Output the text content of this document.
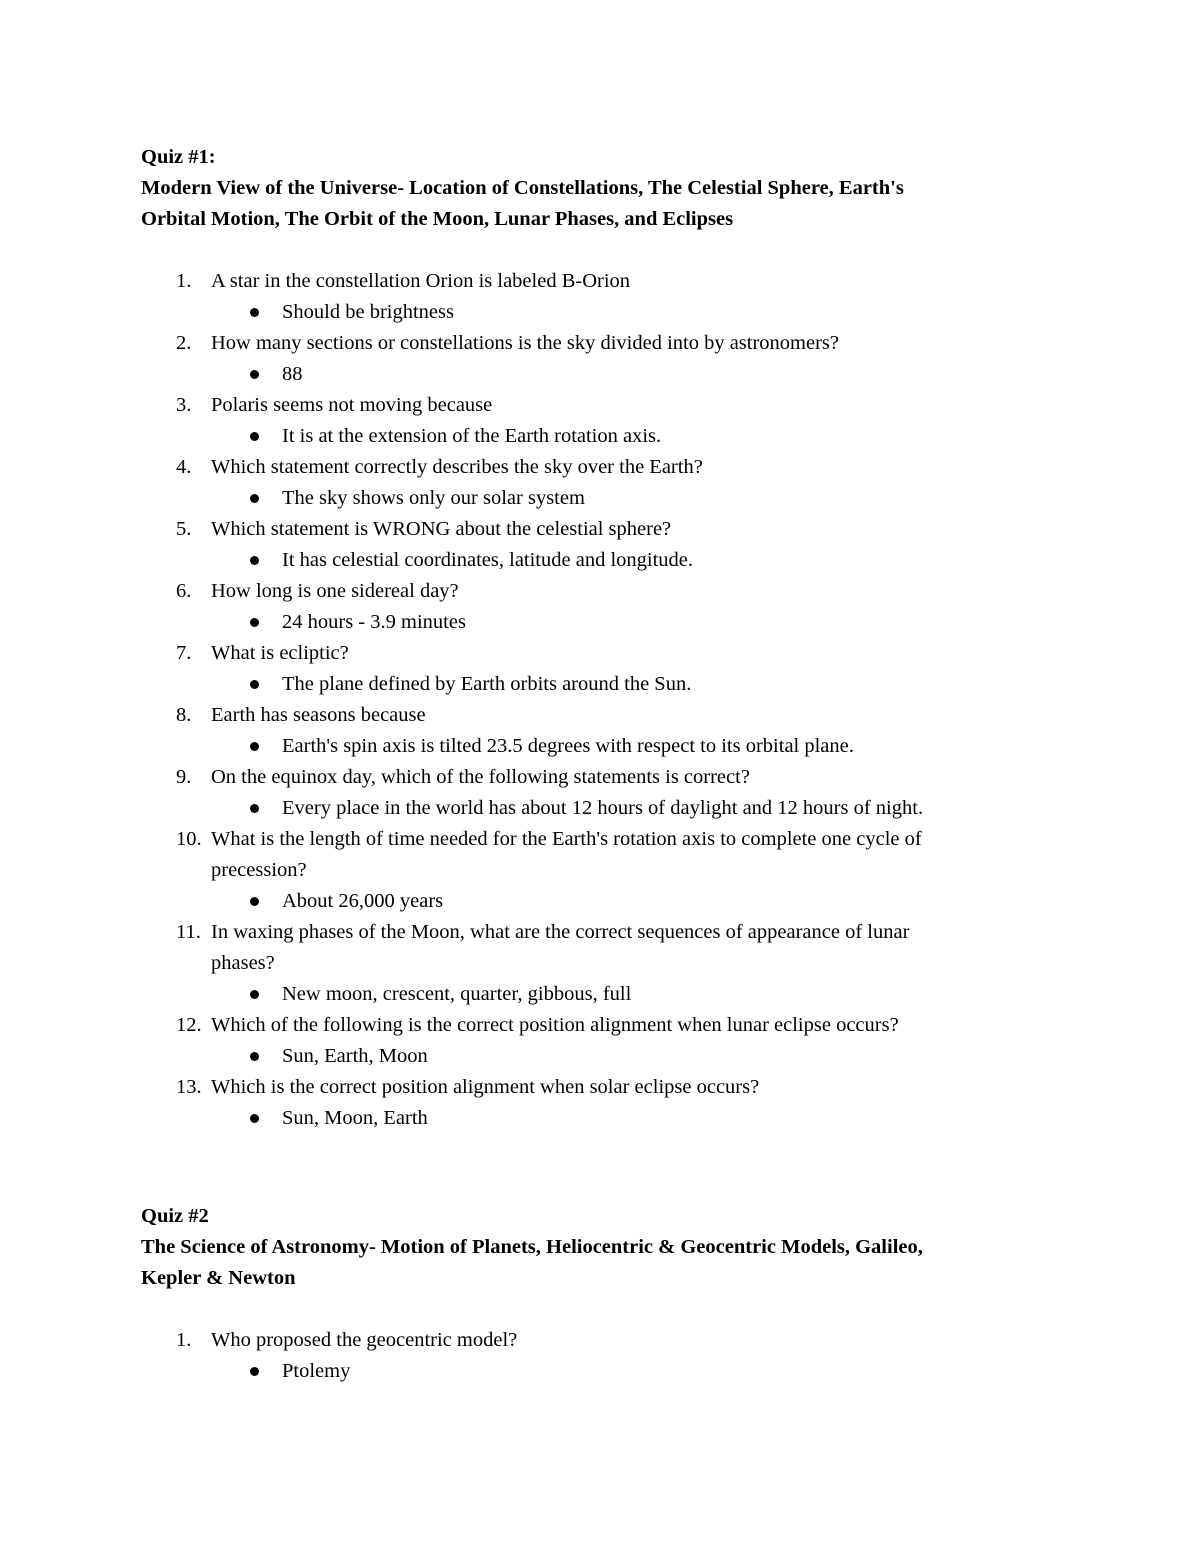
Quiz #1:
Modern View of the Universe- Location of Constellations, The Celestial Sphere, Earth's
Orbital Motion, The Orbit of the Moon, Lunar Phases, and Eclipses
1. A star in the constellation Orion is labeled B-Orion
Should be brightness
2. How many sections or constellations is the sky divided into by astronomers?
88
3. Polaris seems not moving because
It is at the extension of the Earth rotation axis.
4. Which statement correctly describes the sky over the Earth?
The sky shows only our solar system
5. Which statement is WRONG about the celestial sphere?
It has celestial coordinates, latitude and longitude.
6. How long is one sidereal day?
24 hours - 3.9 minutes
7. What is ecliptic?
The plane defined by Earth orbits around the Sun.
8. Earth has seasons because
Earth's spin axis is tilted 23.5 degrees with respect to its orbital plane.
9. On the equinox day, which of the following statements is correct?
Every place in the world has about 12 hours of daylight and 12 hours of night.
10. What is the length of time needed for the Earth's rotation axis to complete one cycle of
precession?
About 26,000 years
11. In waxing phases of the Moon, what are the correct sequences of appearance of lunar
phases?
New moon, crescent, quarter, gibbous, full
12. Which of the following is the correct position alignment when lunar eclipse occurs?
Sun, Earth, Moon
13. Which is the correct position alignment when solar eclipse occurs?
Sun, Moon, Earth
Quiz #2
The Science of Astronomy- Motion of Planets, Heliocentric & Geocentric Models, Galileo,
Kepler & Newton
1. Who proposed the geocentric model?
Ptolemy
